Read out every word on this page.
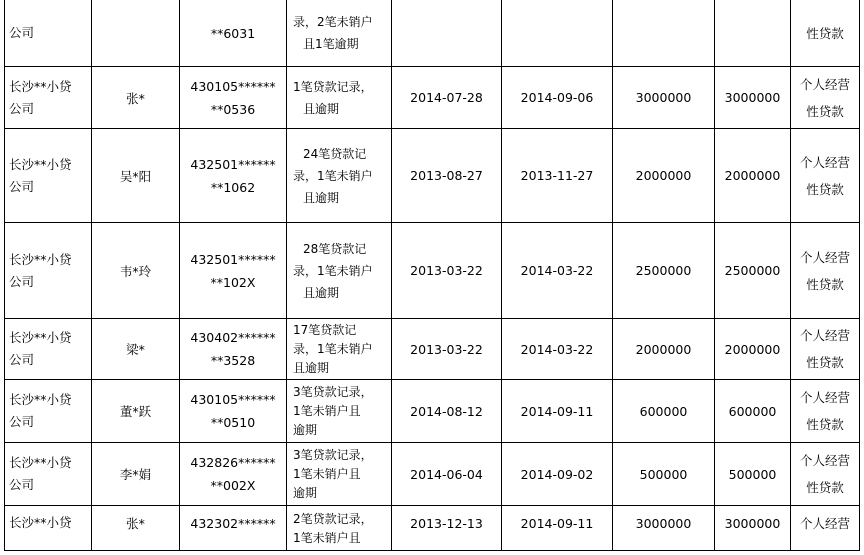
公司		**6031	录，2笔未销户
且1笔逾期					性贷款

长沙**小贷
公司	张*	430105******
**0536	1笔贷款记录，
且逾期	2014-07-28	2014-09-06	3000000	3000000	个人经营
性贷款

长沙**小贷
公司	吴*阳	432501******
**1062	24笔贷款记
录，1笔未销户
且逾期	2013-08-27	2013-11-27	2000000	2000000	个人经营
性贷款

长沙**小贷
公司	韦*玲	432501******
**102X	28笔贷款记
录，1笔未销户
且逾期	2013-03-22	2014-03-22	2500000	2500000	个人经营
性贷款

长沙**小贷
公司	梁*	430402******
**3528	17笔贷款记
录，1笔未销户
且逾期	2013-03-22	2014-03-22	2000000	2000000	个人经营
性贷款

长沙**小贷
公司	董*跃	430105******
**0510	3笔贷款记录，
1笔未销户且
逾期	2014-08-12	2014-09-11	600000	600000	个人经营
性贷款

长沙**小贷
公司	李*娟	432826******
**002X	3笔贷款记录，
1笔未销户且
逾期	2014-06-04	2014-09-02	500000	500000	个人经营
性贷款

长沙**小贷	张*	432302******	2笔贷款记录，
1笔未销户且	2013-12-13	2014-09-11	3000000	3000000	个人经营
